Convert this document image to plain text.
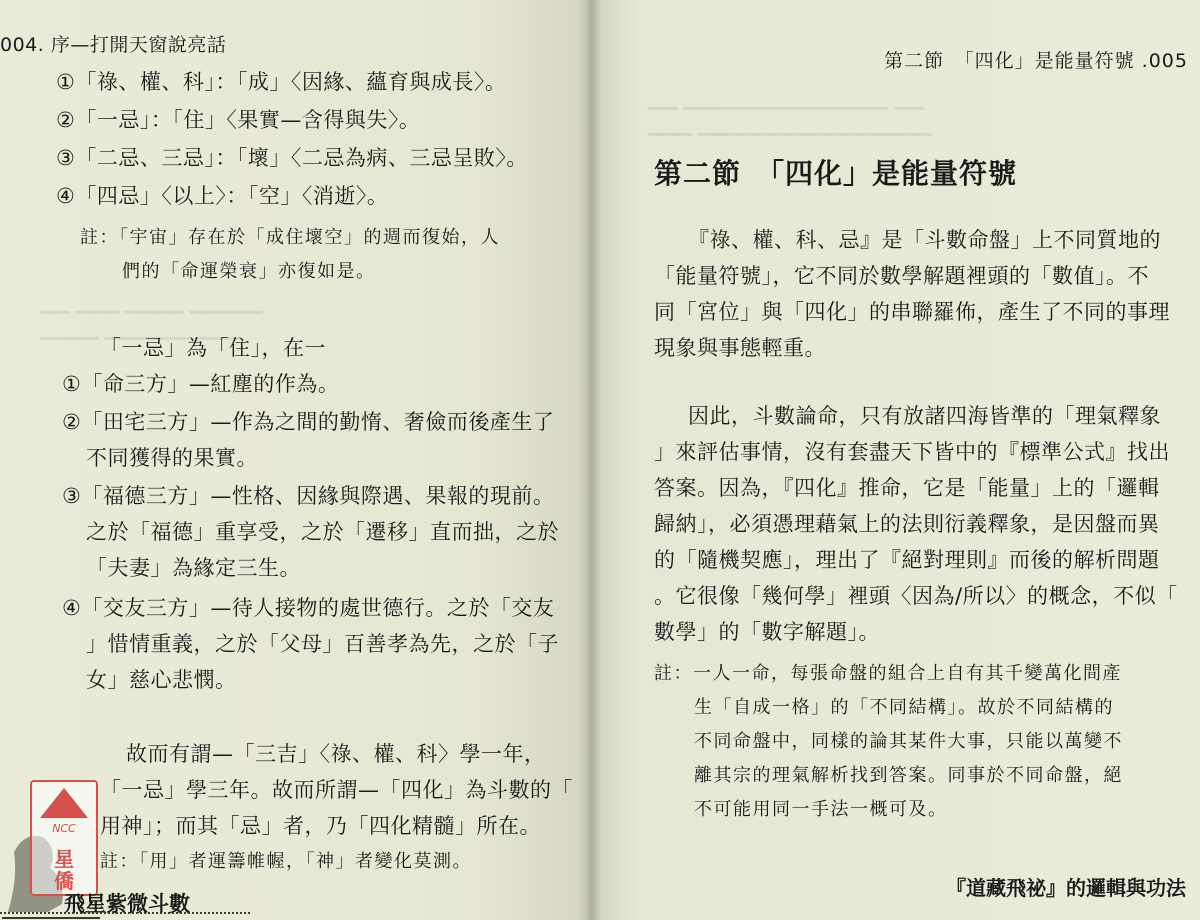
▁▁ ▁▁▁ ▁▁▁▁ ▁▁▁▁▁
▁▁▁▁ ▁▁▁▁▁▁ ▁▁▁
004. 序—打開天窗說亮話
①「祿、權、科」：「成」〈因緣、蘊育與成長〉。
②「一忌」：「住」〈果實—含得與失〉。
③「二忌、三忌」：「壞」〈二忌為病、三忌呈敗〉。
④「四忌」〈以上〉：「空」〈消逝〉。
註：「宇宙」存在於「成住壞空」的週而復始，人
們的「命運榮衰」亦復如是。
「一忌」為「住」，在一
①「命三方」—紅塵的作為。
②「田宅三方」—作為之間的勤惰、奢儉而後產生了
不同獲得的果實。
③「福德三方」—性格、因緣與際遇、果報的現前。
之於「福德」重享受，之於「遷移」直而拙，之於
「夫妻」為緣定三生。
④「交友三方」—待人接物的處世德行。之於「交友
」惜情重義，之於「父母」百善孝為先，之於「子
女」慈心悲憫。
故而有謂—「三吉」〈祿、權、科〉學一年，
「一忌」學三年。故而所謂—「四化」為斗數的「
用神」；而其「忌」者，乃「四化精髓」所在。
註：「用」者運籌帷幄，「神」者變化莫測。
NCC
星
僑
飛星紫微斗數
▁▁ ▁▁▁▁▁▁▁▁▁▁▁▁▁▁ ▁▁
▁▁▁ ▁▁▁▁▁▁▁▁▁▁▁▁▁▁▁▁
第二節　「四化」是能量符號 .005
第二節　「四化」是能量符號
『祿、權、科、忌』是「斗數命盤」上不同質地的
「能量符號」，它不同於數學解題裡頭的「數值」。不
同「宮位」與「四化」的串聯羅佈，產生了不同的事理
現象與事態輕重。
因此，斗數論命，只有放諸四海皆準的「理氣釋象
」來評估事情，沒有套盡天下皆中的『標準公式』找出
答案。因為，『四化』推命，它是「能量」上的「邏輯
歸納」，必須憑理藉氣上的法則衍義釋象，是因盤而異
的「隨機契應」，理出了『絕對理則』而後的解析問題
。它很像「幾何學」裡頭〈因為/所以〉的概念，不似「
數學」的「數字解題」。
註：一人一命，每張命盤的組合上自有其千變萬化間產
生「自成一格」的「不同結構」。故於不同結構的
不同命盤中，同樣的論其某件大事，只能以萬變不
離其宗的理氣解析找到答案。同事於不同命盤，絕
不可能用同一手法一概可及。
『道藏飛祕』的邏輯與功法
